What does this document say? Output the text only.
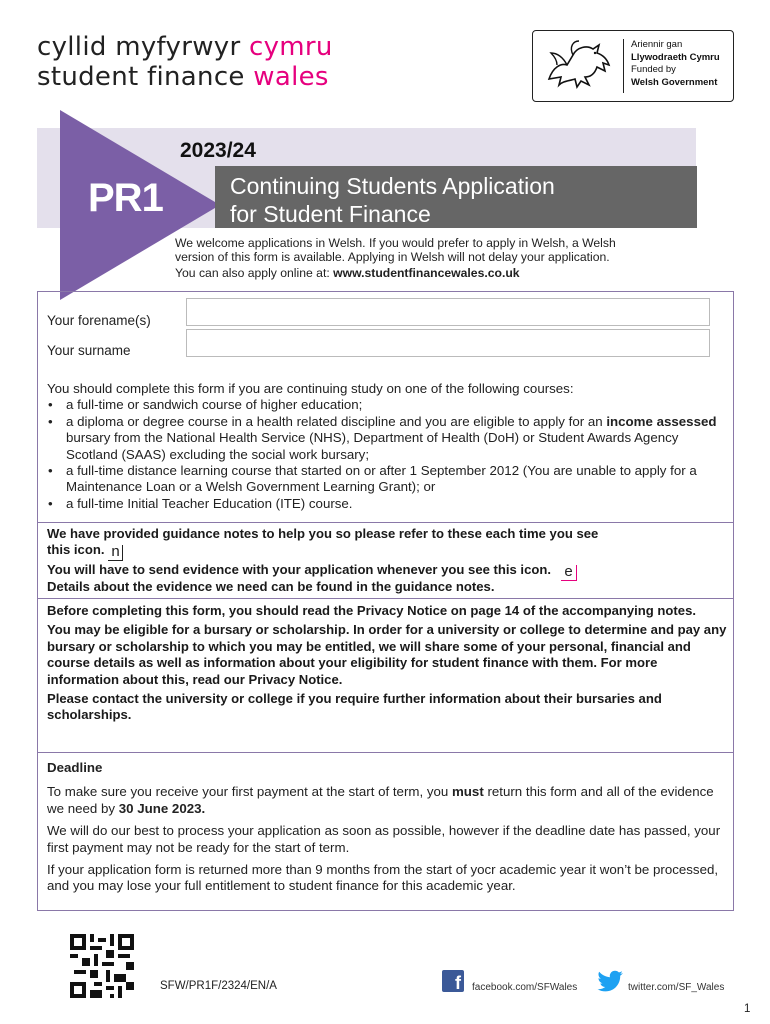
cyllid myfyrwyr cymru
student finance wales
Ariennir gan
Llywodraeth Cymru
Funded by
Welsh Government
PR1
2023/24
Continuing Students Application
for Student Finance
We welcome applications in Welsh. If you would prefer to apply in Welsh, a Welsh
version of this form is available. Applying in Welsh will not delay your application.
You can also apply online at: www.studentfinancewales.co.uk
Your forename(s)
Your surname
You should complete this form if you are continuing study on one of the following courses:
• a full-time or sandwich course of higher education;
• a diploma or degree course in a health related discipline and you are eligible to apply for an income assessed bursary from the National Health Service (NHS), Department of Health (DoH) or Student Awards Agency Scotland (SAAS) excluding the social work bursary;
• a full-time distance learning course that started on or after 1 September 2012 (You are unable to apply for a Maintenance Loan or a Welsh Government Learning Grant); or
• a full-time Initial Teacher Education (ITE) course.
We have provided guidance notes to help you so please refer to these each time you see
this icon. n
You will have to send evidence with your application whenever you see this icon. e
Details about the evidence we need can be found in the guidance notes.

Before completing this form, you should read the Privacy Notice on page 14 of the accompanying notes.

You may be eligible for a bursary or scholarship. In order for a university or college to determine and pay any bursary or scholarship to which you may be entitled, we will share some of your personal, financial and course details as well as information about your eligibility for student finance with them. For more information about this, read our Privacy Notice.

Please contact the university or college if you require further information about their bursaries and scholarships.

Deadline

To make sure you receive your first payment at the start of term, you must return this form and all of the evidence we need by 30 June 2023.

We will do our best to process your application as soon as possible, however if the deadline date has passed, your first payment may not be ready for the start of term.

If your application form is returned more than 9 months from the start of yocr academic year it won’t be processed, and you may lose your full entitlement to student finance for this academic year.

SFW/PR1F/2324/EN/A	f	facebook.com/SFWales	twitter.com/SF_Wales
1
